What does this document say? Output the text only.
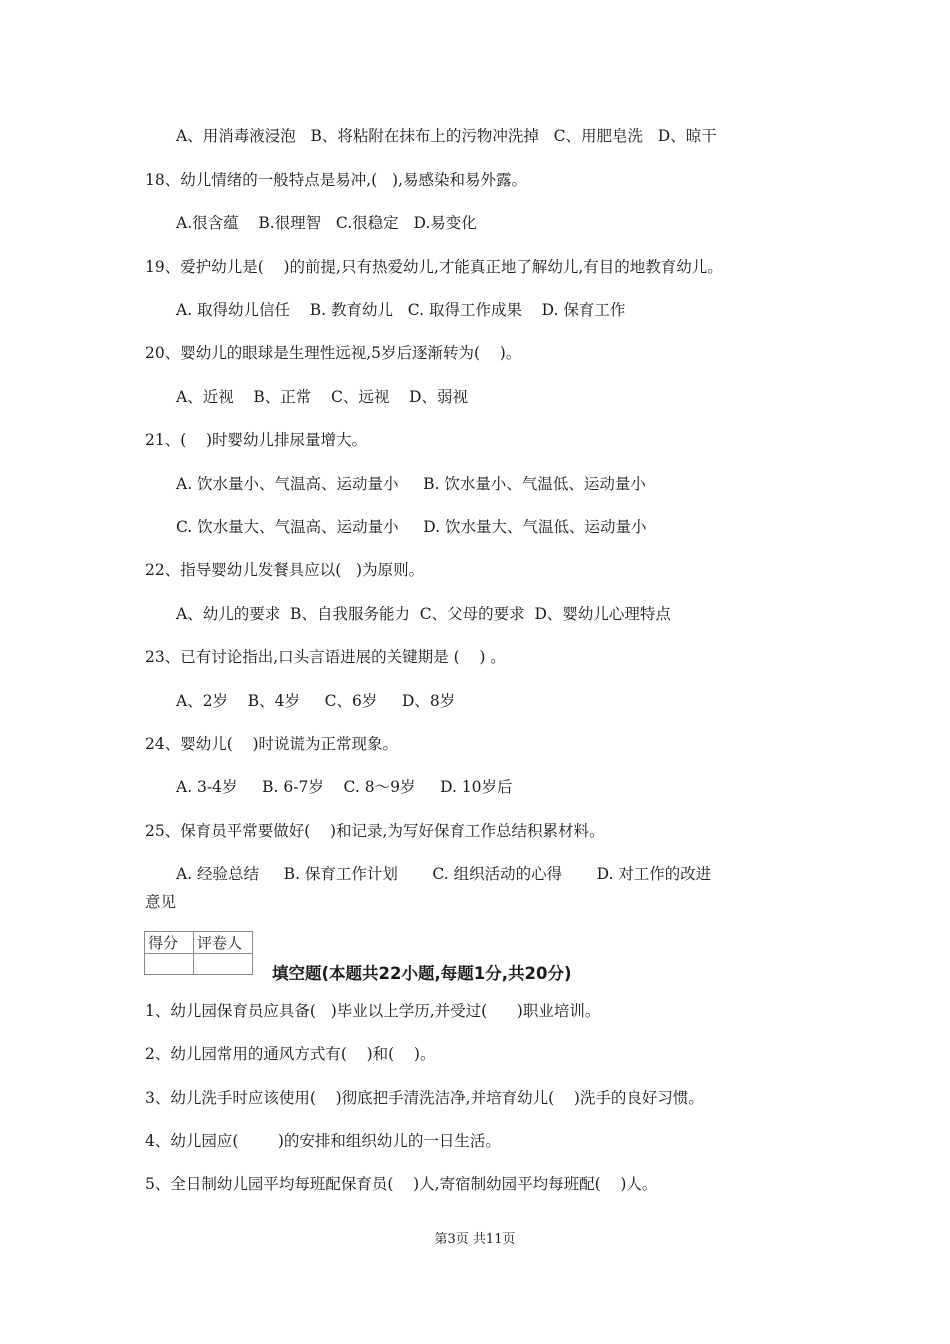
A、用消毒液浸泡   B、将粘附在抹布上的污物冲洗掉   C、用肥皂洗   D、晾干
18、幼儿情绪的一般特点是易冲,(   ),易感染和易外露。
A.很含蕴    B.很理智   C.很稳定   D.易变化
19、爱护幼儿是(    )的前提,只有热爱幼儿,才能真正地了解幼儿,有目的地教育幼儿。
A. 取得幼儿信任    B. 教育幼儿   C. 取得工作成果    D. 保育工作
20、婴幼儿的眼球是生理性远视,5岁后逐渐转为(    )。
A、近视    B、正常    C、远视    D、弱视
21、(    )时婴幼儿排尿量增大。
A. 饮水量小、气温高、运动量小     B. 饮水量小、气温低、运动量小
C. 饮水量大、气温高、运动量小     D. 饮水量大、气温低、运动量小
22、指导婴幼儿发餐具应以(   )为原则。
A、幼儿的要求  B、自我服务能力  C、父母的要求  D、婴幼儿心理特点
23、已有讨论指出,口头言语进展的关键期是 (    ) 。
A、2岁    B、4岁     C、6岁     D、8岁
24、婴幼儿(    )时说谎为正常现象。
A. 3-4岁     B. 6-7岁    C. 8～9岁     D. 10岁后
25、保育员平常要做好(    )和记录,为写好保育工作总结积累材料。
A. 经验总结     B. 保育工作计划       C. 组织活动的心得       D. 对工作的改进
意见
得分	评卷人

填空题(本题共22小题,每题1分,共20分)
1、幼儿园保育员应具备(   )毕业以上学历,并受过(      )职业培训。
2、幼儿园常用的通风方式有(    )和(    )。
3、幼儿洗手时应该使用(    )彻底把手清洗洁净,并培育幼儿(    )洗手的良好习惯。
4、幼儿园应(        )的安排和组织幼儿的一日生活。
5、全日制幼儿园平均每班配保育员(    )人,寄宿制幼园平均每班配(    )人。
第3页 共11页
